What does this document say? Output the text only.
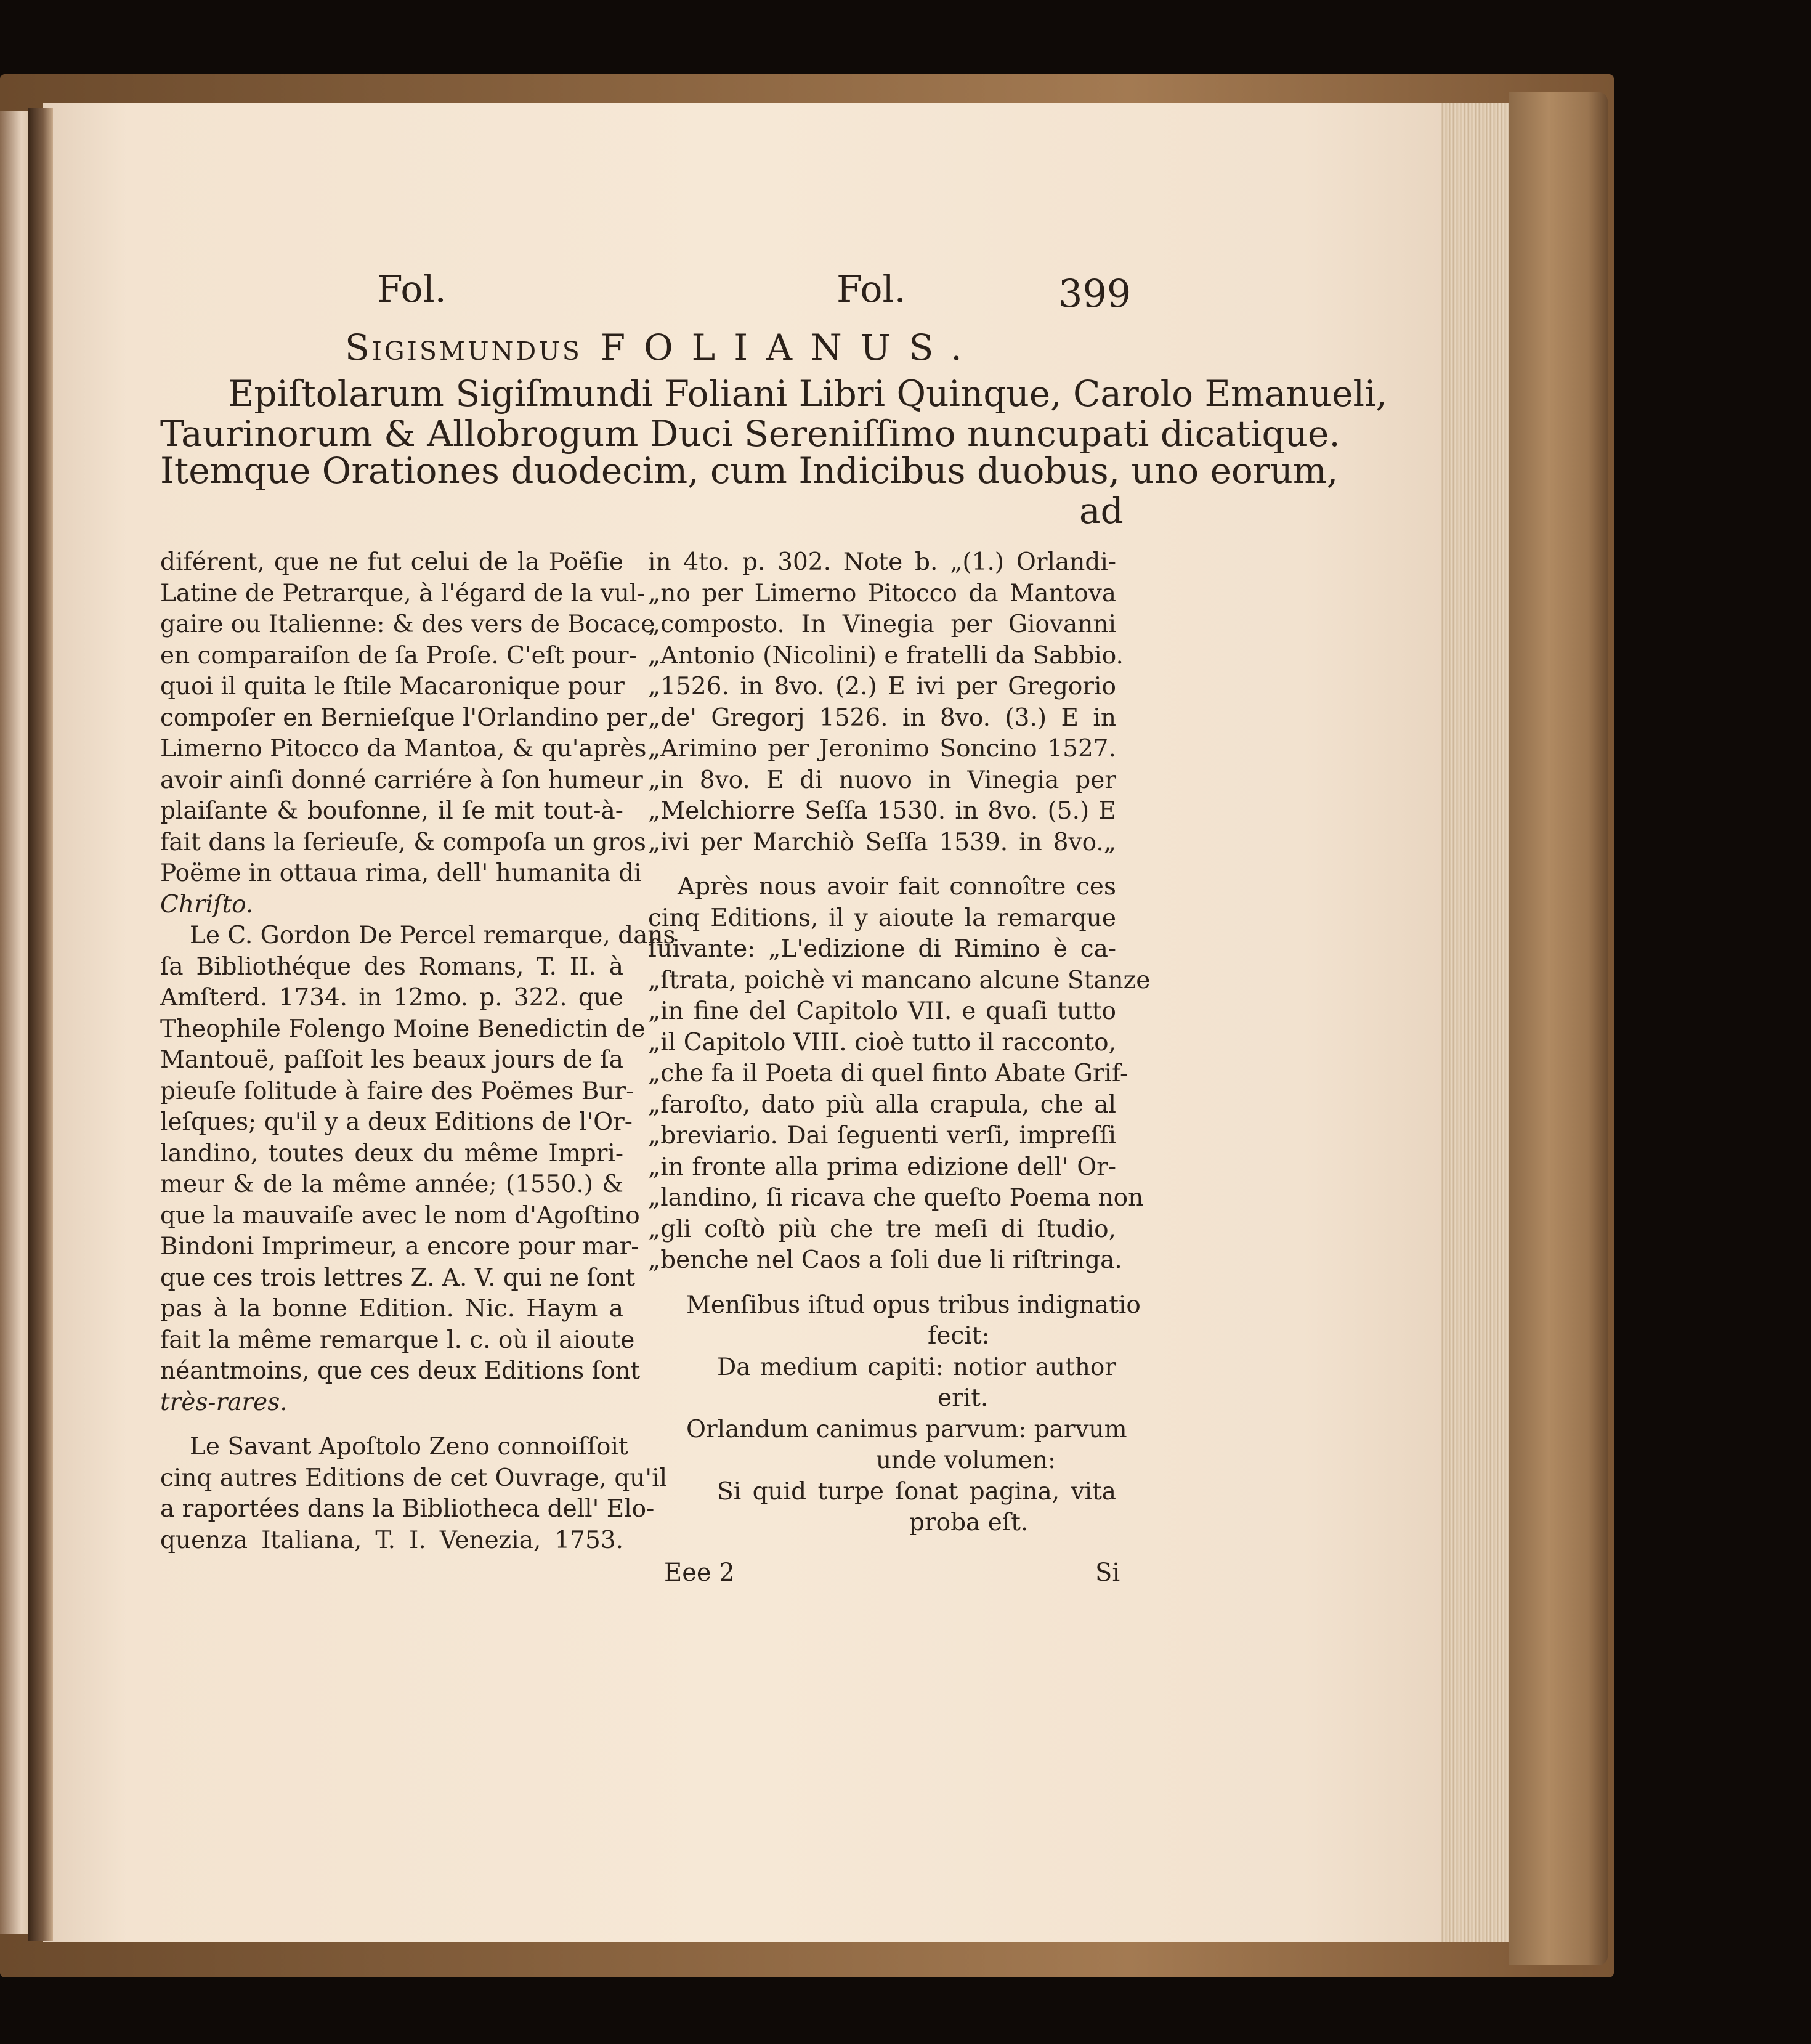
Fol.	Fol.	399
Sigismundus FOLIANUS.
Epiſtolarum Sigiſmundi Foliani Libri Quinque, Carolo Emanueli,
Taurinorum & Allobrogum Duci Sereniſſimo nuncupati dicatique.
Itemque Orationes duodecim, cum Indicibus duobus, uno eorum,
ad
diférent, que ne fut celui de la Poëſie
Latine de Petrarque, à l'égard de la vul-
gaire ou Italienne: & des vers de Bocace
en comparaiſon de ſa Proſe. C'eſt pour-
quoi il quita le ſtile Macaronique pour
compoſer en Bernieſque l'Orlandino per
Limerno Pitocco da Mantoa, & qu'après
avoir ainſi donné carriére à ſon humeur
plaiſante & boufonne, il ſe mit tout-à-
fait dans la ſerieuſe, & compoſa un gros
Poëme in ottaua rima, dell' humanita di
Chriſto.
Le C. Gordon De Percel remarque, dans
ſa Bibliothéque des Romans, T. II. à
Amſterd. 1734. in 12mo. p. 322. que
Theophile Folengo Moine Benedictin de
Mantouë, paſſoit les beaux jours de ſa
pieuſe ſolitude à faire des Poëmes Bur-
leſques; qu'il y a deux Editions de l'Or-
landino, toutes deux du même Impri-
meur & de la même année; (1550.) &
que la mauvaiſe avec le nom d'Agoſtino
Bindoni Imprimeur, a encore pour mar-
que ces trois lettres Z. A. V. qui ne ſont
pas à la bonne Edition. Nic. Haym a
fait la même remarque l. c. où il aioute
néantmoins, que ces deux Editions ſont
très-rares.
Le Savant Apoſtolo Zeno connoiſſoit
cinq autres Editions de cet Ouvrage, qu'il
a raportées dans la Bibliotheca dell' Elo-
quenza Italiana, T. I. Venezia, 1753.
in 4to. p. 302. Note b. „(1.) Orlandi-
„no per Limerno Pitocco da Mantova
„composto. In Vinegia per Giovanni
„Antonio (Nicolini) e fratelli da Sabbio.
„1526. in 8vo. (2.) E ivi per Gregorio
„de' Gregorj 1526. in 8vo. (3.) E in
„Arimino per Jeronimo Soncino 1527.
„in 8vo. E di nuovo in Vinegia per
„Melchiorre Seſſa 1530. in 8vo. (5.) E
„ivi per Marchiò Seſſa 1539. in 8vo.„
Après nous avoir fait connoître ces
cinq Editions, il y aioute la remarque
ſuivante: „L'edizione di Rimino è ca-
„ſtrata, poichè vi mancano alcune Stanze
„in fine del Capitolo VII. e quaſi tutto
„il Capitolo VIII. cioè tutto il racconto,
„che fa il Poeta di quel finto Abate Grif-
„faroſto, dato più alla crapula, che al
„breviario. Dai ſeguenti verſi, impreſſi
„in fronte alla prima edizione dell' Or-
„landino, ſi ricava che queſto Poema non
„gli coſtò più che tre meſi di ſtudio,
„benche nel Caos a ſoli due li riſtringa.
Menſibus iſtud opus tribus indignatio
fecit:
Da medium capiti: notior author
erit.
Orlandum canimus parvum: parvum
unde volumen:
Si quid turpe ſonat pagina, vita
proba eſt.
Eee 2	Si
